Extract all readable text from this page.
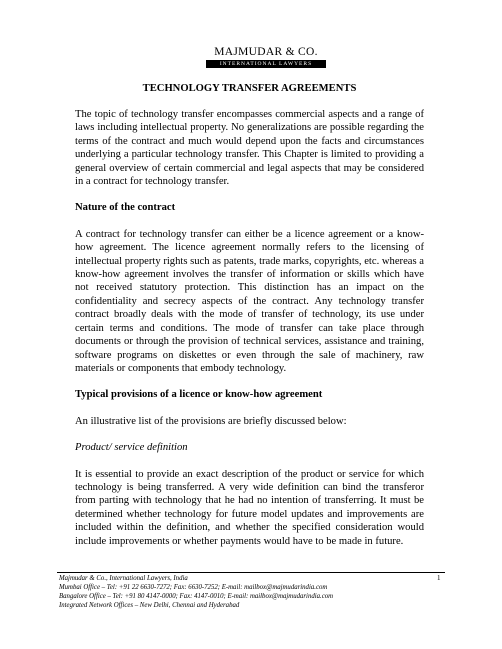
MAJMUDAR & CO.
INTERNATIONAL LAWYERS
TECHNOLOGY TRANSFER AGREEMENTS

The topic of technology transfer encompasses commercial aspects and a range of laws including intellectual property. No generalizations are possible regarding the terms of the contract and much would depend upon the facts and circumstances underlying a particular technology transfer. This Chapter is limited to providing a general overview of certain commercial and legal aspects that may be considered in a contract for technology transfer.

Nature of the contract

A contract for technology transfer can either be a licence agreement or a know-how agreement. The licence agreement normally refers to the licensing of intellectual property rights such as patents, trade marks, copyrights, etc. whereas a know-how agreement involves the transfer of information or skills which have not received statutory protection. This distinction has an impact on the confidentiality and secrecy aspects of the contract. Any technology transfer contract broadly deals with the mode of transfer of technology, its use under certain terms and conditions. The mode of transfer can take place through documents or through the provision of technical services, assistance and training, software programs on diskettes or even through the sale of machinery, raw materials or components that embody technology.

Typical provisions of a licence or know-how agreement

An illustrative list of the provisions are briefly discussed below:

Product/ service definition

It is essential to provide an exact description of the product or service for which technology is being transferred. A very wide definition can bind the transferor from parting with technology that he had no intention of transferring. It must be determined whether technology for future model updates and improvements are included within the definition, and whether the specified consideration would include improvements or whether payments would have to be made in future.

Majmudar & Co., International Lawyers, India
Mumbai Office – Tel: +91 22 6630-7272; Fax: 6630-7252; E-mail: mailbox@majmudarindia.com
Bangalore Office – Tel: +91 80 4147-0000; Fax: 4147-0010; E-mail: mailbox@majmudarindia.com
Integrated Network Offices – New Delhi, Chennai and Hyderabad
1
